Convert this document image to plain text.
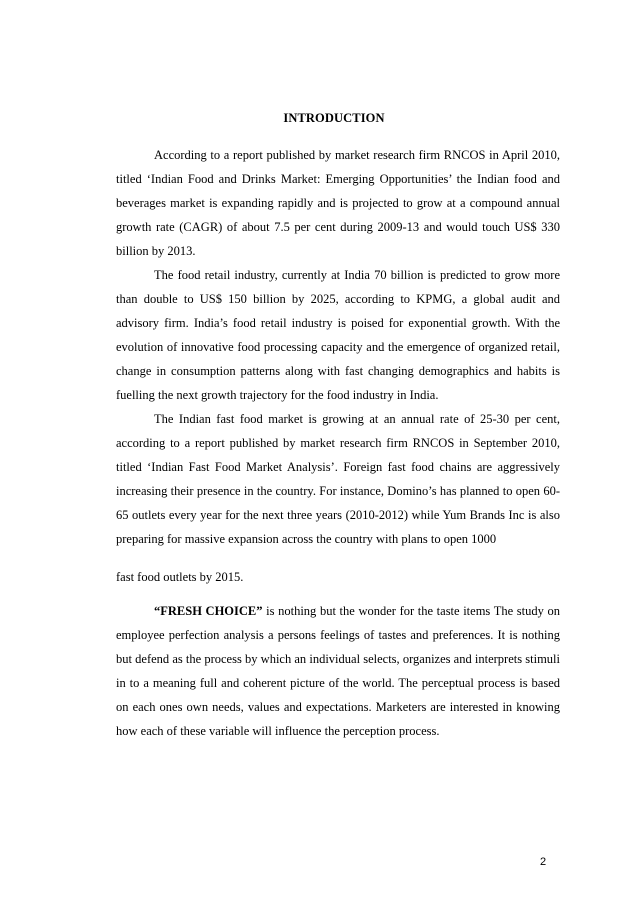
INTRODUCTION

According to a report published by market research firm RNCOS in April 2010, titled ‘Indian Food and Drinks Market: Emerging Opportunities’ the Indian food and beverages market is expanding rapidly and is projected to grow at a compound annual growth rate (CAGR) of about 7.5 per cent during 2009-13 and would touch US$ 330 billion by 2013.

The food retail industry, currently at India 70 billion is predicted to grow more than double to US$ 150 billion by 2025, according to KPMG, a global audit and advisory firm. India’s food retail industry is poised for exponential growth. With the evolution of innovative food processing capacity and the emergence of organized retail, change in consumption patterns along with fast changing demographics and habits is fuelling the next growth trajectory for the food industry in India.

The Indian fast food market is growing at an annual rate of 25-30 per cent, according to a report published by market research firm RNCOS in September 2010, titled ‘Indian Fast Food Market Analysis’. Foreign fast food chains are aggressively increasing their presence in the country. For instance, Domino’s has planned to open 60-65 outlets every year for the next three years (2010-2012) while Yum Brands Inc is also preparing for massive expansion across the country with plans to open 1000

fast food outlets by 2015.

“FRESH CHOICE” is nothing but the wonder for the taste items The study on employee perfection analysis a persons feelings of tastes and preferences. It is nothing but defend as the process by which an individual selects, organizes and interprets stimuli in to a meaning full and coherent picture of the world. The perceptual process is based on each ones own needs, values and expectations. Marketers are interested in knowing how each of these variable will influence the perception process.

2
